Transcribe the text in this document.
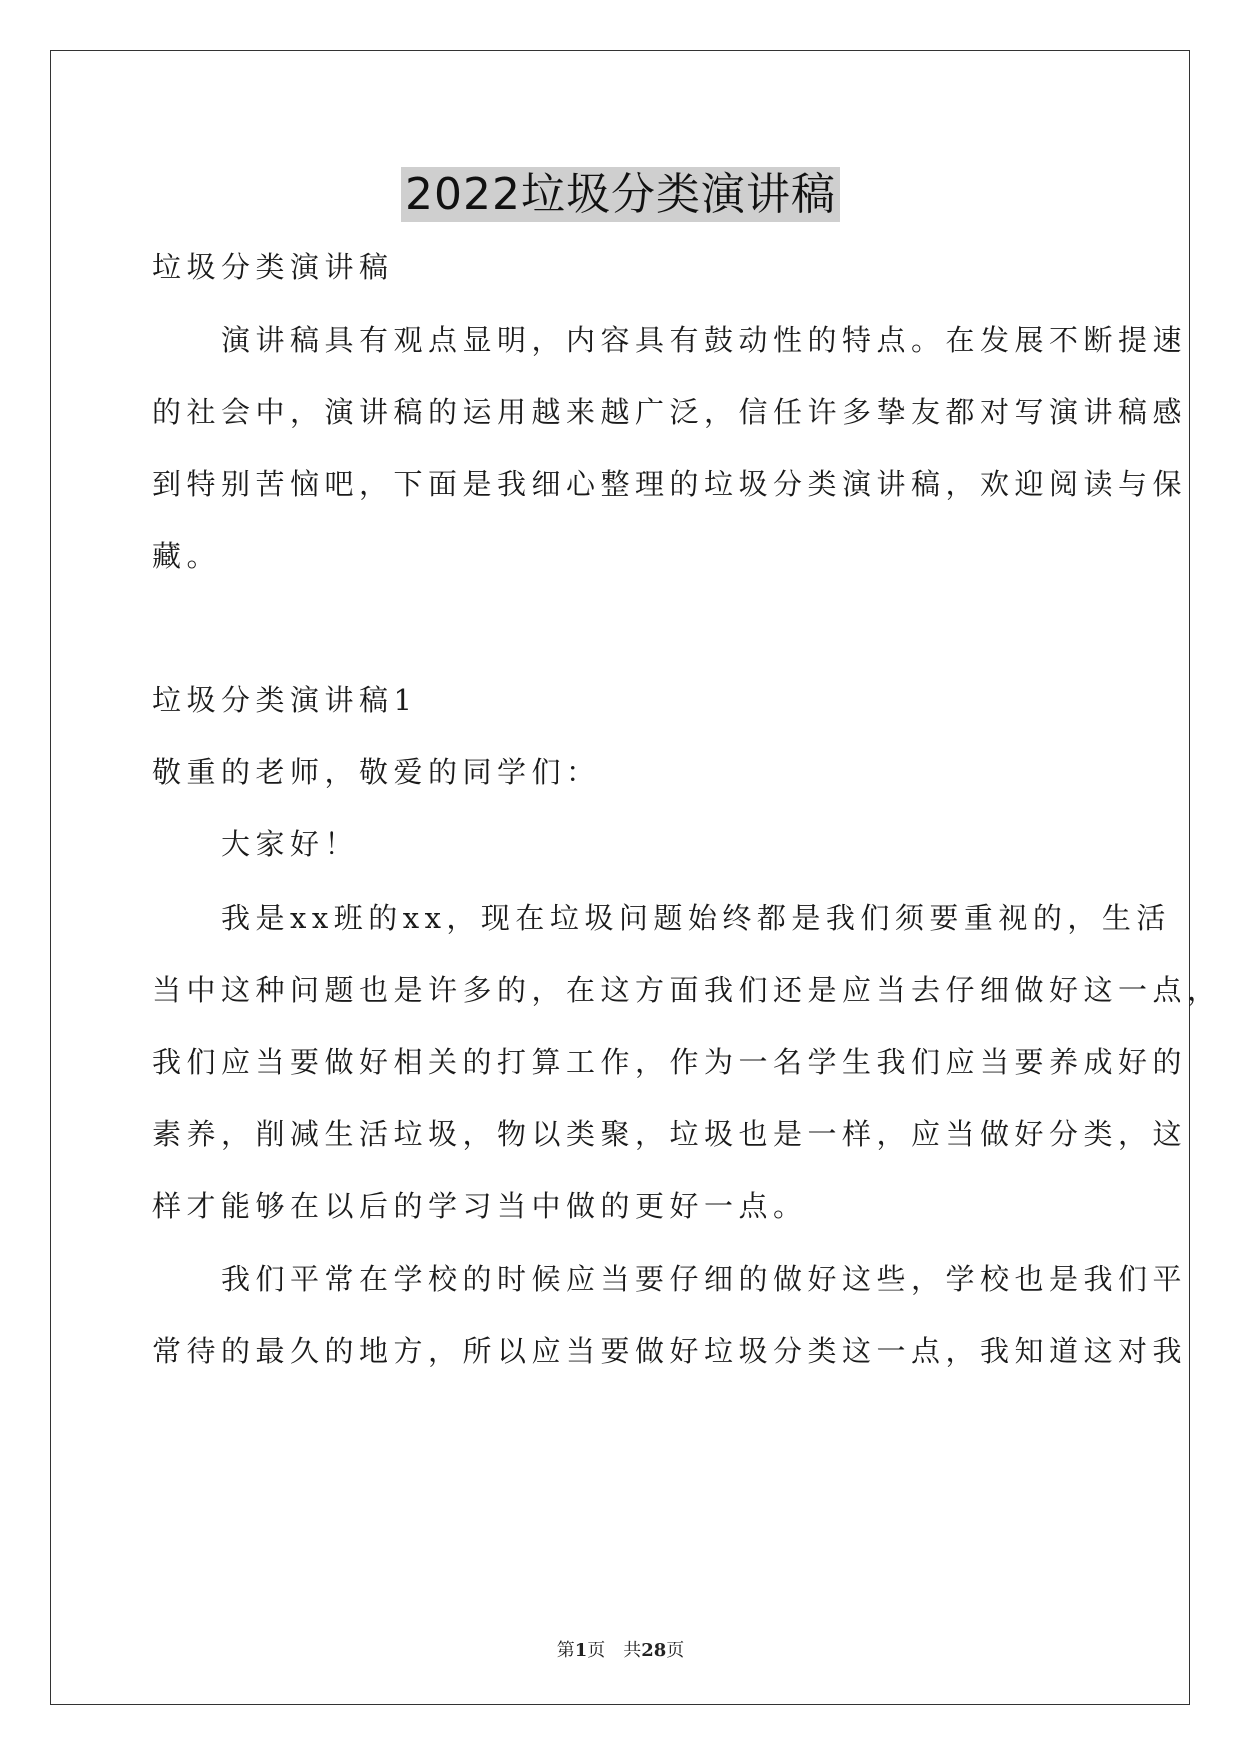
2022垃圾分类演讲稿
垃圾分类演讲稿
　　演讲稿具有观点显明，内容具有鼓动性的特点。在发展不断提速
的社会中，演讲稿的运用越来越广泛，信任许多挚友都对写演讲稿感
到特别苦恼吧，下面是我细心整理的垃圾分类演讲稿，欢迎阅读与保
藏。
垃圾分类演讲稿1
敬重的老师，敬爱的同学们：
　　大家好！
　　我是xx班的xx，现在垃圾问题始终都是我们须要重视的，生活
当中这种问题也是许多的，在这方面我们还是应当去仔细做好这一点，
我们应当要做好相关的打算工作，作为一名学生我们应当要养成好的
素养，削减生活垃圾，物以类聚，垃圾也是一样，应当做好分类，这
样才能够在以后的学习当中做的更好一点。
　　我们平常在学校的时候应当要仔细的做好这些，学校也是我们平
常待的最久的地方，所以应当要做好垃圾分类这一点，我知道这对我
第1页　共28页
